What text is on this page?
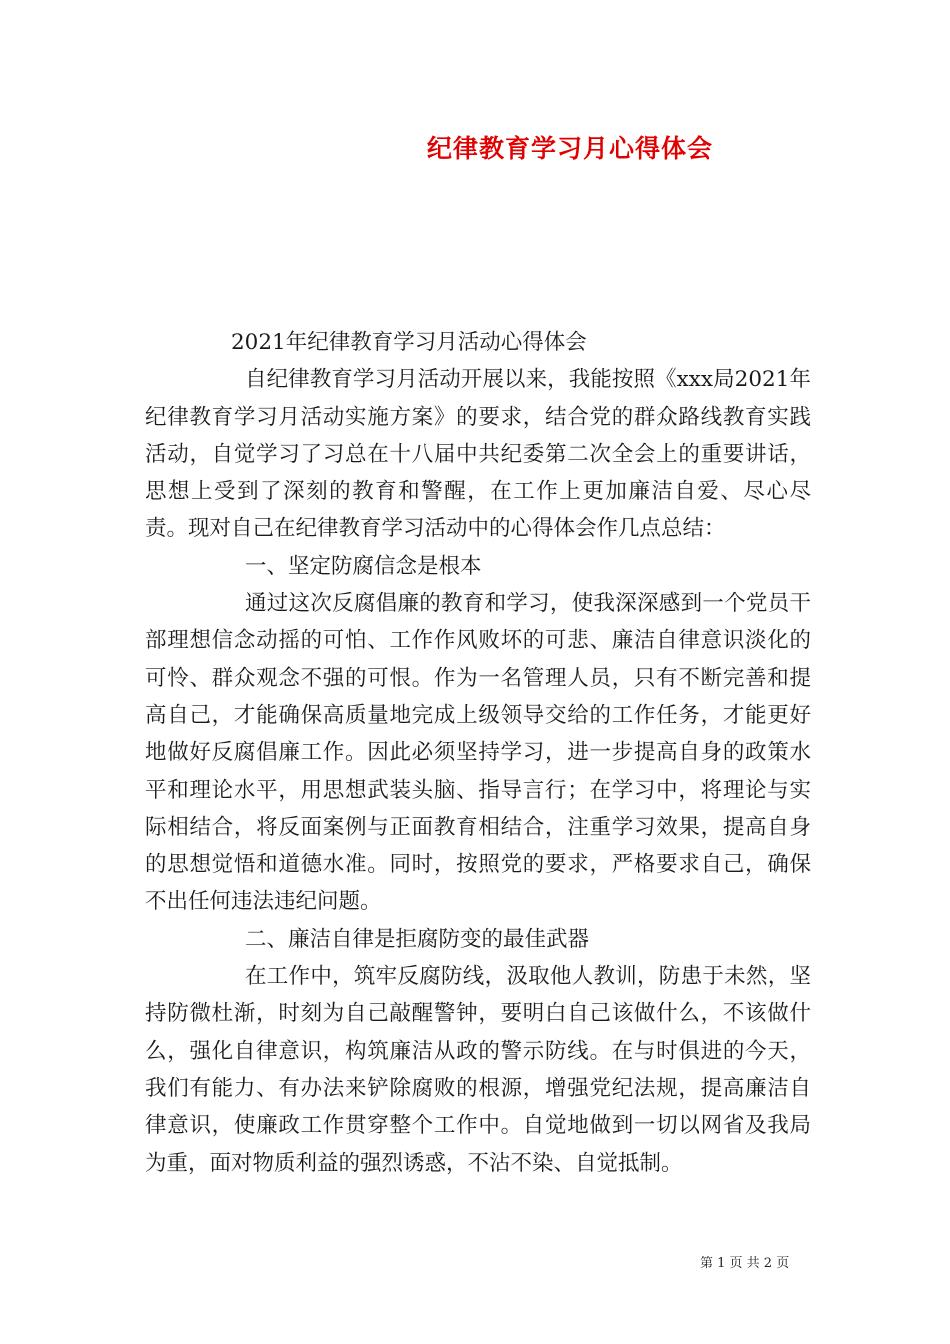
纪律教育学习月心得体会

2021年纪律教育学习月活动心得体会

自纪律教育学习月活动开展以来，我能按照《xxx局2021年纪律教育学习月活动实施方案》的要求，结合党的群众路线教育实践活动，自觉学习了习总在十八届中共纪委第二次全会上的重要讲话，思想上受到了深刻的教育和警醒，在工作上更加廉洁自爱、尽心尽责。现对自己在纪律教育学习活动中的心得体会作几点总结：

一、坚定防腐信念是根本

通过这次反腐倡廉的教育和学习，使我深深感到一个党员干部理想信念动摇的可怕、工作作风败坏的可悲、廉洁自律意识淡化的可怜、群众观念不强的可恨。作为一名管理人员，只有不断完善和提高自己，才能确保高质量地完成上级领导交给的工作任务，才能更好地做好反腐倡廉工作。因此必须坚持学习，进一步提高自身的政策水平和理论水平，用思想武装头脑、指导言行；在学习中，将理论与实际相结合，将反面案例与正面教育相结合，注重学习效果，提高自身的思想觉悟和道德水准。同时，按照党的要求，严格要求自己，确保不出任何违法违纪问题。

二、廉洁自律是拒腐防变的最佳武器

在工作中，筑牢反腐防线，汲取他人教训，防患于未然，坚持防微杜渐，时刻为自己敲醒警钟，要明白自己该做什么，不该做什么，强化自律意识，构筑廉洁从政的警示防线。在与时俱进的今天，我们有能力、有办法来铲除腐败的根源，增强党纪法规，提高廉洁自律意识，使廉政工作贯穿整个工作中。自觉地做到一切以网省及我局为重，面对物质利益的强烈诱惑，不沾不染、自觉抵制。

第 1 页 共 2 页
